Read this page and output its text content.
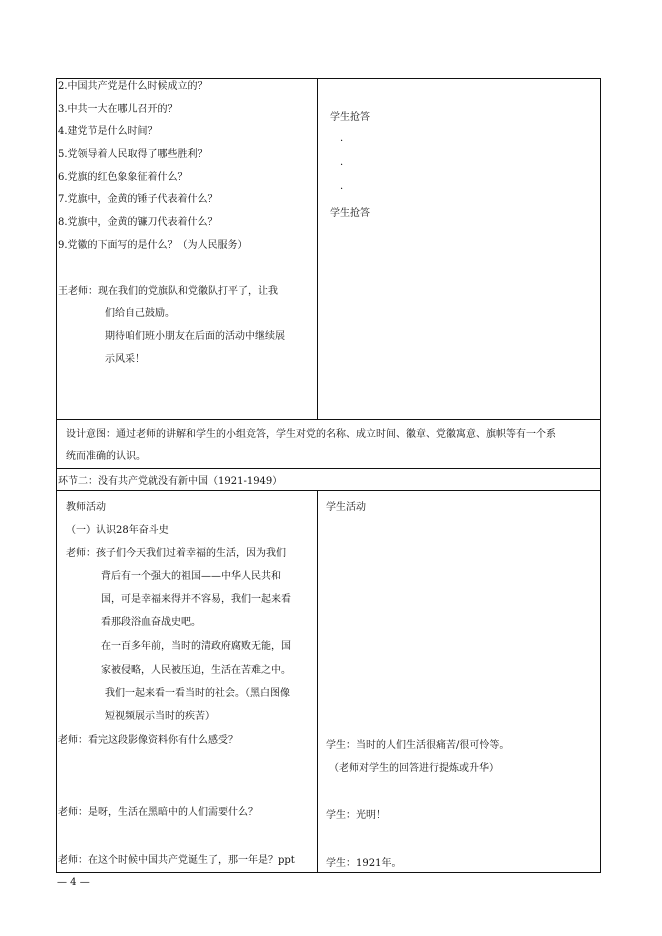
2.中国共产党是什么时候成立的？
3.中共一大在哪儿召开的？
4.建党节是什么时间？
5.党领导着人民取得了哪些胜利？
6.党旗的红色象象征着什么？
7.党旗中，金黄的锤子代表着什么？
8.党旗中，金黄的镰刀代表着什么？
9.党徽的下面写的是什么？（为人民服务）
王老师：现在我们的党旗队和党徽队打平了，让我
们给自己鼓励。
期待咱们班小朋友在后面的活动中继续展
示风采！
学生抢答
·
·
·
学生抢答
设计意图：通过老师的讲解和学生的小组竞答，学生对党的名称、成立时间、徽章、党徽寓意、旗帜等有一个系
统而准确的认识。
环节二：没有共产党就没有新中国（1921-1949）
教师活动
（一）认识28年奋斗史
老师：孩子们今天我们过着幸福的生活，因为我们
背后有一个强大的祖国——中华人民共和
国，可是幸福来得并不容易，我们一起来看
看那段浴血奋战史吧。
在一百多年前，当时的清政府腐败无能，国
家被侵略，人民被压迫，生活在苦难之中。
我们一起来看一看当时的社会。（黑白图像
短视频展示当时的疾苦）
老师：看完这段影像资料你有什么感受？
老师：是呀，生活在黑暗中的人们需要什么？
老师：在这个时候中国共产党诞生了，那一年是？ppt
学生活动
学生：当时的人们生活很痛苦/很可怜等。
（老师对学生的回答进行提炼或升华）
学生：光明！
学生：1921年。
— 4 —
